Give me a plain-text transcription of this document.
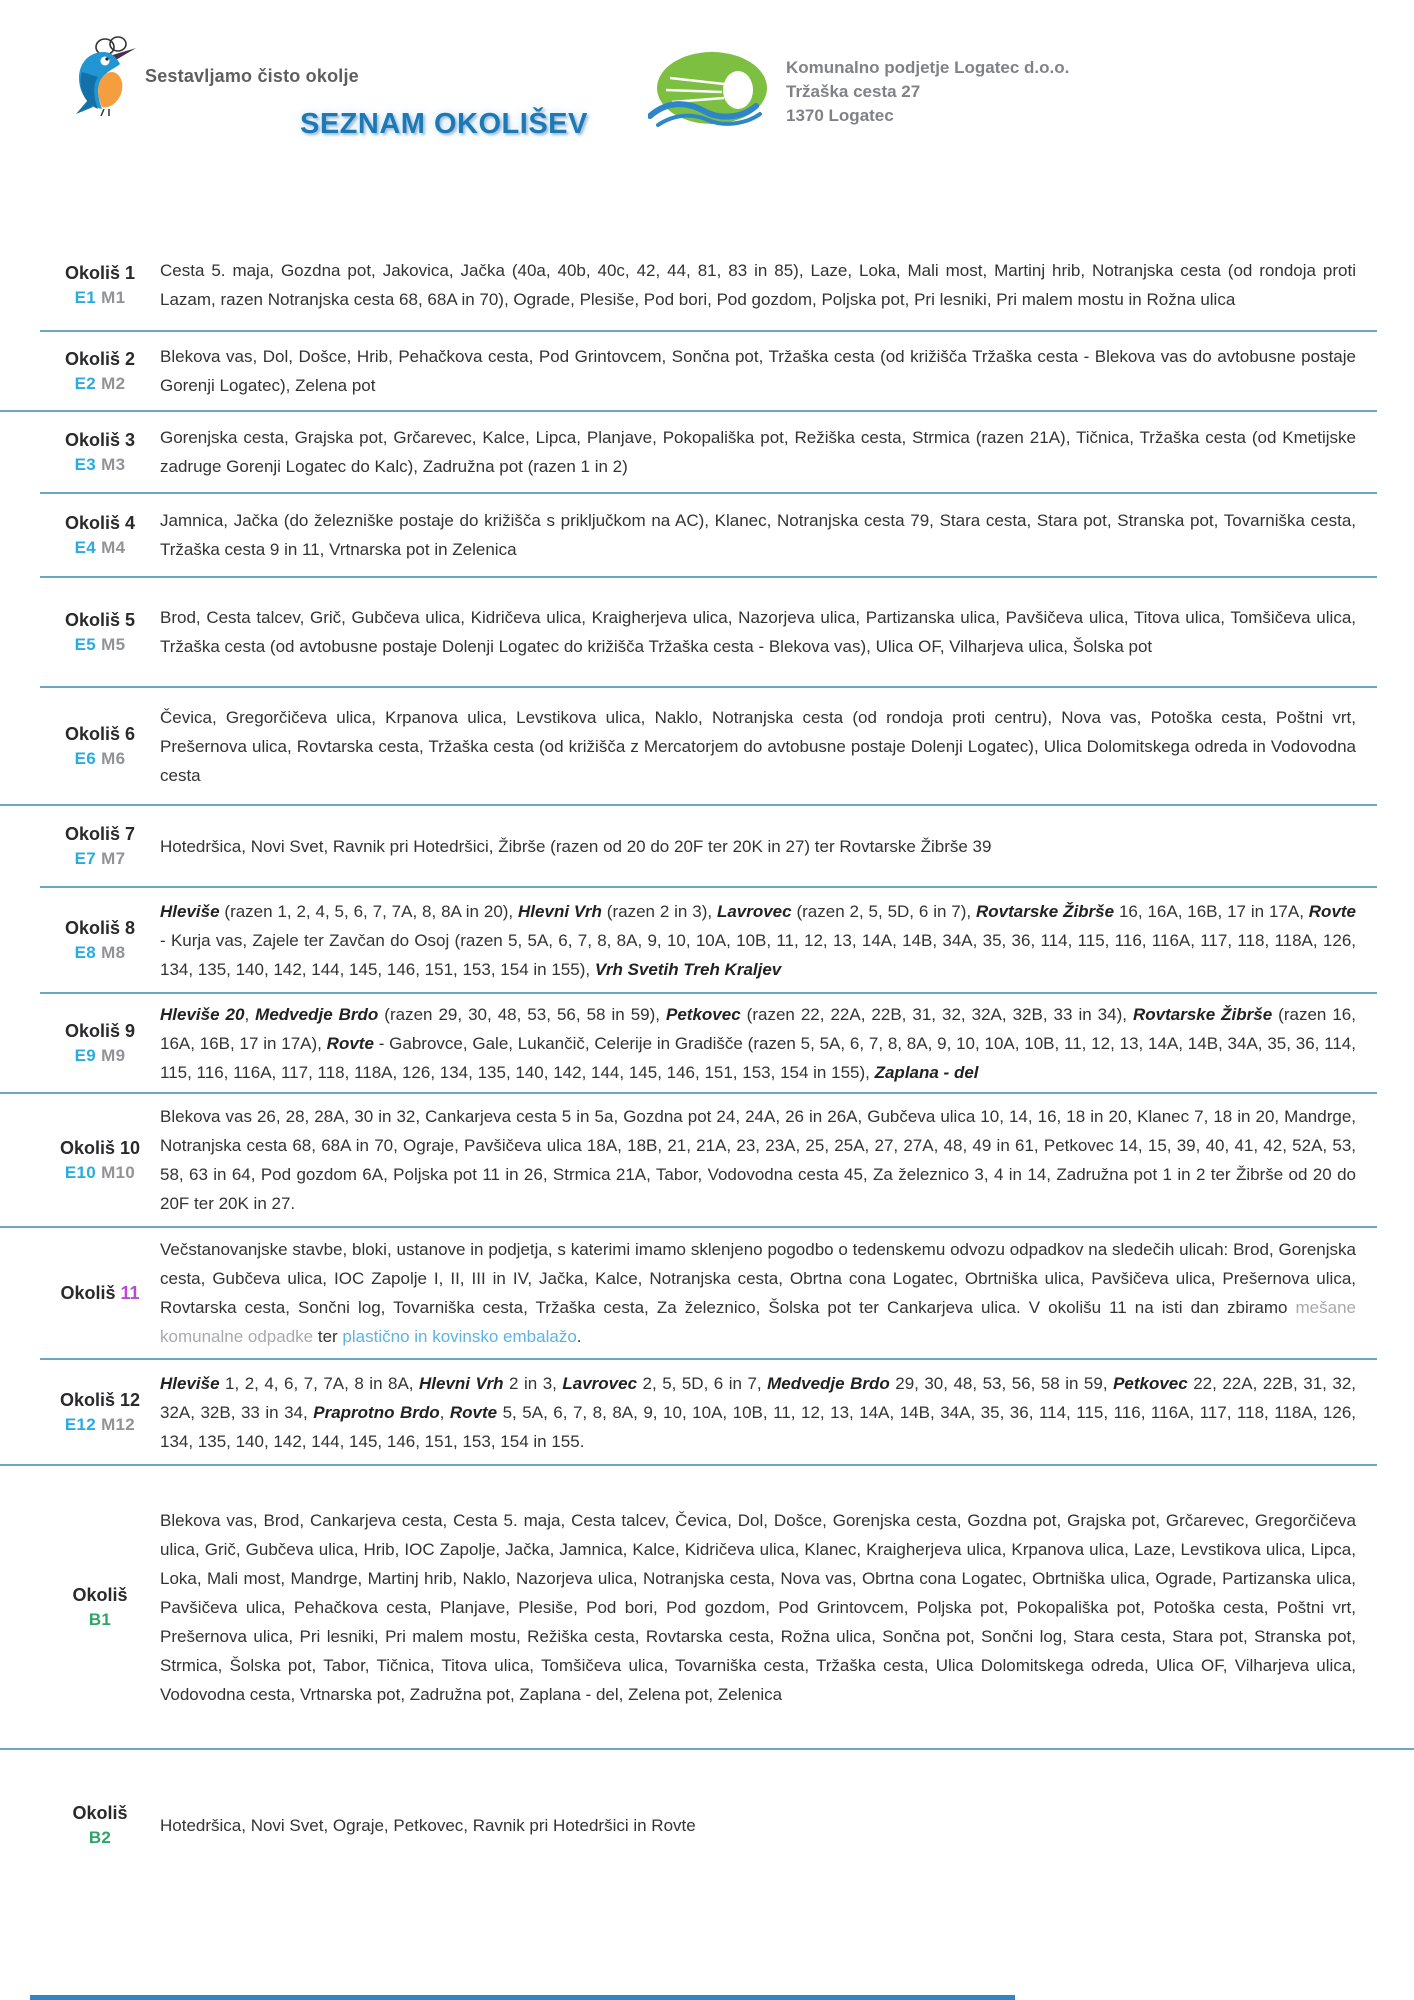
Sestavljamo čisto okolje
SEZNAM OKOLIŠEV
Komunalno podjetje Logatec d.o.o.
Tržaška cesta 27
1370 Logatec
Okoliš 1
E1 M1
Cesta 5. maja, Gozdna pot, Jakovica, Jačka (40a, 40b, 40c, 42, 44, 81, 83 in 85), Laze, Loka, Mali most, Martinj hrib, Notranjska cesta (od rondoja proti Lazam, razen Notranjska cesta 68, 68A in 70), Ograde, Plesiše, Pod bori, Pod gozdom, Poljska pot, Pri lesniki, Pri malem mostu in Rožna ulica
Okoliš 2
E2 M2
Blekova vas, Dol, Došce, Hrib, Pehačkova cesta, Pod Grintovcem, Sončna pot, Tržaška cesta (od križišča Tržaška cesta - Blekova vas do avtobusne postaje Gorenji Logatec), Zelena pot
Okoliš 3
E3 M3
Gorenjska cesta, Grajska pot, Grčarevec, Kalce, Lipca, Planjave, Pokopališka pot, Režiška cesta, Strmica (razen 21A), Tičnica, Tržaška cesta (od Kmetijske zadruge Gorenji Logatec do Kalc), Zadružna pot (razen 1 in 2)
Okoliš 4
E4 M4
Jamnica, Jačka (do železniške postaje do križišča s priključkom na AC), Klanec, Notranjska cesta 79, Stara cesta, Stara pot, Stranska pot, Tovarniška cesta, Tržaška cesta 9 in 11, Vrtnarska pot in Zelenica
Okoliš 5
E5 M5
Brod, Cesta talcev, Grič, Gubčeva ulica, Kidričeva ulica, Kraigherjeva ulica, Nazorjeva ulica, Partizanska ulica, Pavšičeva ulica, Titova ulica, Tomšičeva ulica, Tržaška cesta (od avtobusne postaje Dolenji Logatec do križišča Tržaška cesta - Blekova vas), Ulica OF, Vilharjeva ulica, Šolska pot
Okoliš 6
E6 M6
Čevica, Gregorčičeva ulica, Krpanova ulica, Levstikova ulica, Naklo, Notranjska cesta (od rondoja proti centru), Nova vas, Potoška cesta, Poštni vrt, Prešernova ulica, Rovtarska cesta, Tržaška cesta (od križišča z Mercatorjem do avtobusne postaje Dolenji Logatec), Ulica Dolomitskega odreda in Vodovodna cesta
Okoliš 7
E7 M7
Hotedršica, Novi Svet, Ravnik pri Hotedršici, Žibrše (razen od 20 do 20F ter 20K in 27) ter Rovtarske Žibrše 39
Okoliš 8
E8 M8
Hleviše (razen 1, 2, 4, 5, 6, 7, 7A, 8, 8A in 20), Hlevni Vrh (razen 2 in 3), Lavrovec (razen 2, 5, 5D, 6 in 7), Rovtarske Žibrše 16, 16A, 16B, 17 in 17A, Rovte - Kurja vas, Zajele ter Zavčan do Osoj (razen 5, 5A, 6, 7, 8, 8A, 9, 10, 10A, 10B, 11, 12, 13, 14A, 14B, 34A, 35, 36, 114, 115, 116, 116A, 117, 118, 118A, 126, 134, 135, 140, 142, 144, 145, 146, 151, 153, 154 in 155), Vrh Svetih Treh Kraljev
Okoliš 9
E9 M9
Hleviše 20, Medvedje Brdo (razen 29, 30, 48, 53, 56, 58 in 59), Petkovec (razen 22, 22A, 22B, 31, 32, 32A, 32B, 33 in 34), Rovtarske Žibrše (razen 16, 16A, 16B, 17 in 17A), Rovte - Gabrovce, Gale, Lukančič, Celerije in Gradišče (razen 5, 5A, 6, 7, 8, 8A, 9, 10, 10A, 10B, 11, 12, 13, 14A, 14B, 34A, 35, 36, 114, 115, 116, 116A, 117, 118, 118A, 126, 134, 135, 140, 142, 144, 145, 146, 151, 153, 154 in 155), Zaplana - del
Okoliš 10
E10 M10
Blekova vas 26, 28, 28A, 30 in 32, Cankarjeva cesta 5 in 5a, Gozdna pot 24, 24A, 26 in 26A, Gubčeva ulica 10, 14, 16, 18 in 20, Klanec 7, 18 in 20, Mandrge, Notranjska cesta 68, 68A in 70, Ograje, Pavšičeva ulica 18A, 18B, 21, 21A, 23, 23A, 25, 25A, 27, 27A, 48, 49 in 61, Petkovec 14, 15, 39, 40, 41, 42, 52A, 53, 58, 63 in 64, Pod gozdom 6A, Poljska pot 11 in 26, Strmica 21A, Tabor, Vodovodna cesta 45, Za železnico 3, 4 in 14, Zadružna pot 1 in 2 ter Žibrše od 20 do 20F ter 20K in 27.
Okoliš 11
Večstanovanjske stavbe, bloki, ustanove in podjetja, s katerimi imamo sklenjeno pogodbo o tedenskemu odvozu odpadkov na sledečih ulicah: Brod, Gorenjska cesta, Gubčeva ulica, IOC Zapolje I, II, III in IV, Jačka, Kalce, Notranjska cesta, Obrtna cona Logatec, Obrtniška ulica, Pavšičeva ulica, Prešernova ulica, Rovtarska cesta, Sončni log, Tovarniška cesta, Tržaška cesta, Za železnico, Šolska pot ter Cankarjeva ulica. V okolišu 11 na isti dan zbiramo mešane komunalne odpadke ter plastično in kovinsko embalažo.
Okoliš 12
E12 M12
Hleviše 1, 2, 4, 6, 7, 7A, 8 in 8A, Hlevni Vrh 2 in 3, Lavrovec 2, 5, 5D, 6 in 7, Medvedje Brdo 29, 30, 48, 53, 56, 58 in 59, Petkovec 22, 22A, 22B, 31, 32, 32A, 32B, 33 in 34, Praprotno Brdo, Rovte 5, 5A, 6, 7, 8, 8A, 9, 10, 10A, 10B, 11, 12, 13, 14A, 14B, 34A, 35, 36, 114, 115, 116, 116A, 117, 118, 118A, 126, 134, 135, 140, 142, 144, 145, 146, 151, 153, 154 in 155.
Okoliš
B1
Blekova vas, Brod, Cankarjeva cesta, Cesta 5. maja, Cesta talcev, Čevica, Dol, Došce, Gorenjska cesta, Gozdna pot, Grajska pot, Grčarevec, Gregorčičeva ulica, Grič, Gubčeva ulica, Hrib, IOC Zapolje, Jačka, Jamnica, Kalce, Kidričeva ulica, Klanec, Kraigherjeva ulica, Krpanova ulica, Laze, Levstikova ulica, Lipca, Loka, Mali most, Mandrge, Martinj hrib, Naklo, Nazorjeva ulica, Notranjska cesta, Nova vas, Obrtna cona Logatec, Obrtniška ulica, Ograde, Partizanska ulica, Pavšičeva ulica, Pehačkova cesta, Planjave, Plesiše, Pod bori, Pod gozdom, Pod Grintovcem, Poljska pot, Pokopališka pot, Potoška cesta, Poštni vrt, Prešernova ulica, Pri lesniki, Pri malem mostu, Režiška cesta, Rovtarska cesta, Rožna ulica, Sončna pot, Sončni log, Stara cesta, Stara pot, Stranska pot, Strmica, Šolska pot, Tabor, Tičnica, Titova ulica, Tomšičeva ulica, Tovarniška cesta, Tržaška cesta, Ulica Dolomitskega odreda, Ulica OF, Vilharjeva ulica, Vodovodna cesta, Vrtnarska pot, Zadružna pot, Zaplana - del, Zelena pot, Zelenica
Okoliš
B2
Hotedršica, Novi Svet, Ograje, Petkovec, Ravnik pri Hotedršici in Rovte
